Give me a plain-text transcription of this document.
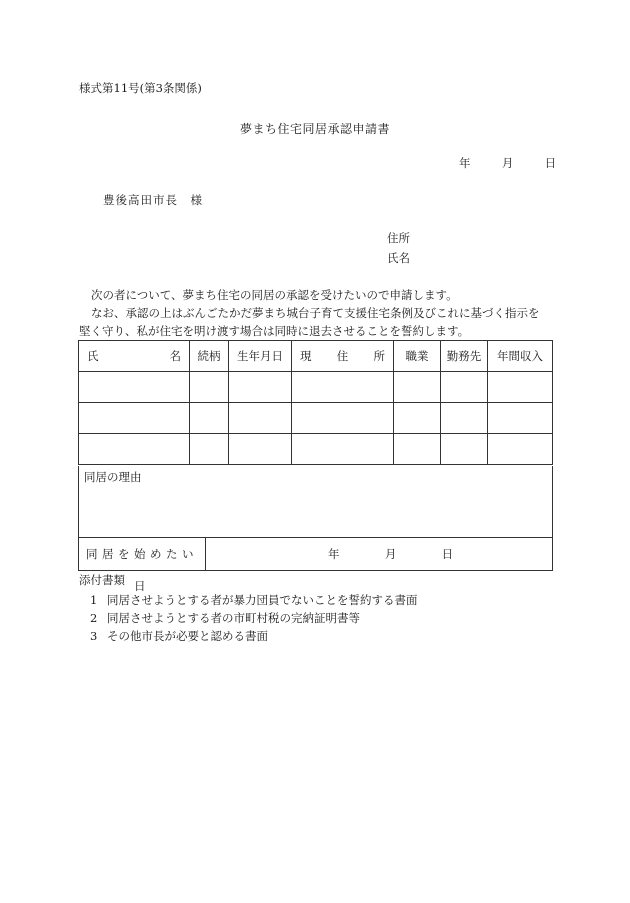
様式第11号(第3条関係)
夢まち住宅同居承認申請書
年	月	日
豊後高田市長　様
住所
氏名
次の者について、夢まち住宅の同居の承認を受けたいので申請します。
なお、承認の上はぶんごたかだ夢まち城台子育て支援住宅条例及びこれに基づく指示を
堅く守り、私が住宅を明け渡す場合は同時に退去させることを誓約します。
氏 名	続柄	生年月日	現 住 所	職業	勤務先	年間収入

同居の理由
同居を始めたい日
年	月	日
添付書類
1 同居させようとする者が暴力団員でないことを誓約する書面
2 同居させようとする者の市町村税の完納証明書等
3 その他市長が必要と認める書面
